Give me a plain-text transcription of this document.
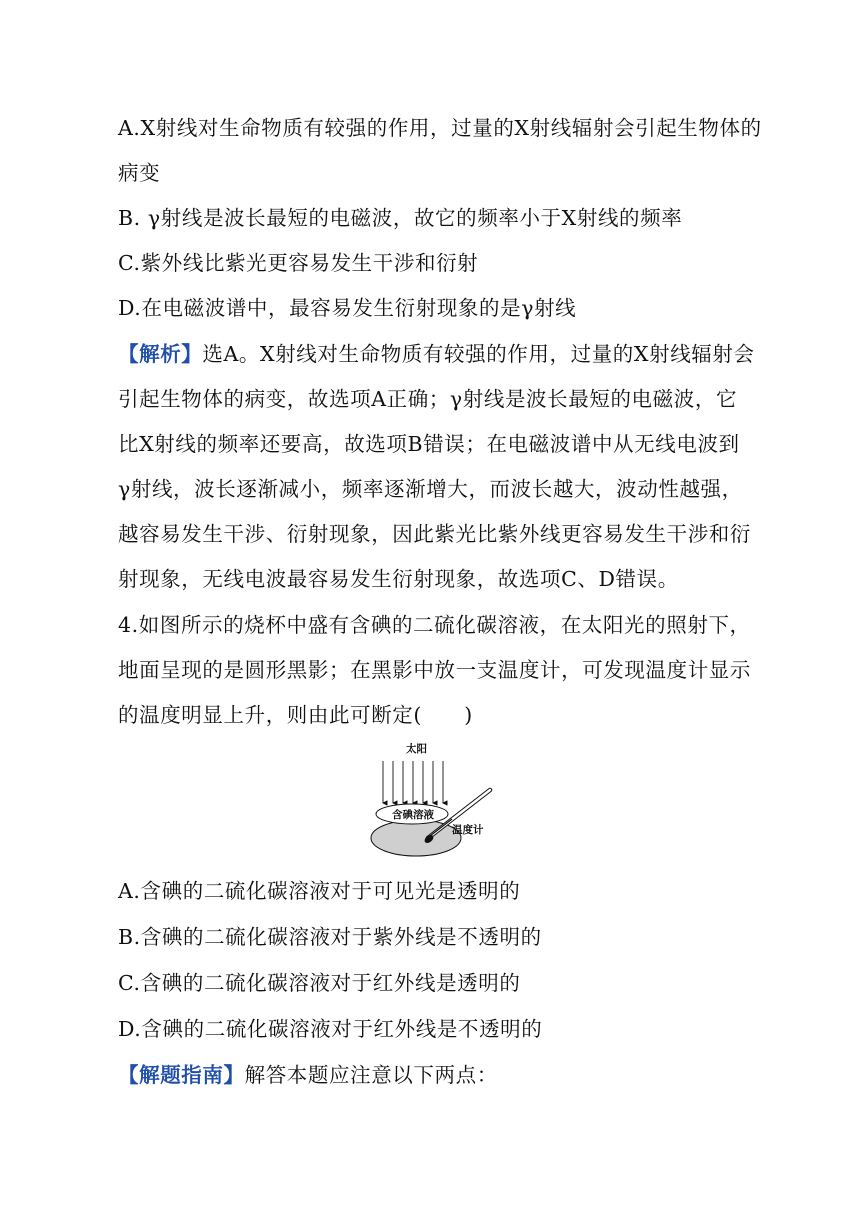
A.X射线对生命物质有较强的作用，过量的X射线辐射会引起生物体的
病变
B. γ射线是波长最短的电磁波，故它的频率小于X射线的频率
C.紫外线比紫光更容易发生干涉和衍射
D.在电磁波谱中，最容易发生衍射现象的是γ射线
【解析】选A。X射线对生命物质有较强的作用，过量的X射线辐射会
引起生物体的病变，故选项A正确；γ射线是波长最短的电磁波，它
比X射线的频率还要高，故选项B错误；在电磁波谱中从无线电波到
γ射线，波长逐渐减小，频率逐渐增大，而波长越大，波动性越强，
越容易发生干涉、衍射现象，因此紫光比紫外线更容易发生干涉和衍
射现象，无线电波最容易发生衍射现象，故选项C、D错误。
4.如图所示的烧杯中盛有含碘的二硫化碳溶液，在太阳光的照射下，
地面呈现的是圆形黑影；在黑影中放一支温度计，可发现温度计显示
的温度明显上升，则由此可断定(　　)
太阳
含碘溶液
温度计
A.含碘的二硫化碳溶液对于可见光是透明的
B.含碘的二硫化碳溶液对于紫外线是不透明的
C.含碘的二硫化碳溶液对于红外线是透明的
D.含碘的二硫化碳溶液对于红外线是不透明的
【解题指南】解答本题应注意以下两点：
